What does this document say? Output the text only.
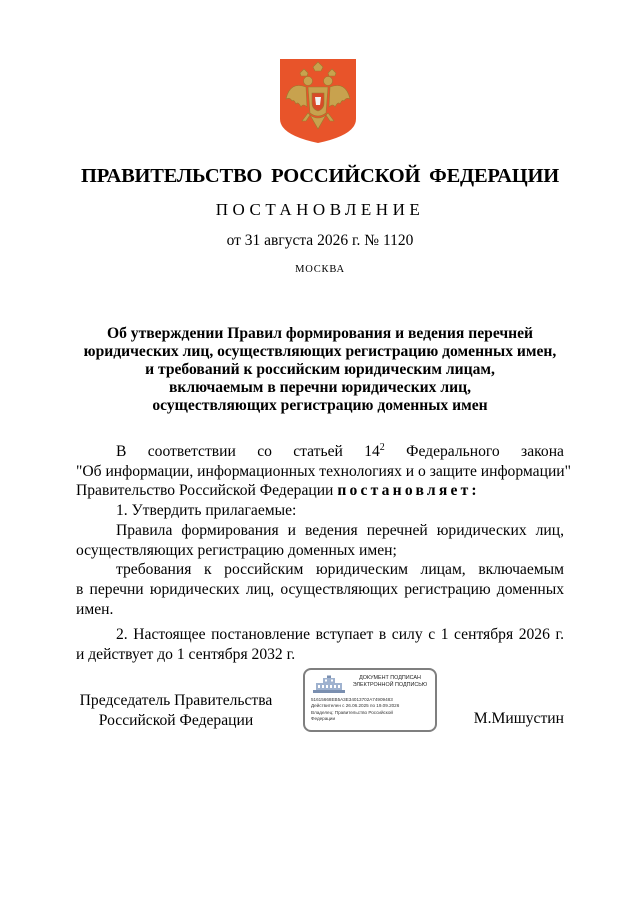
ПРАВИТЕЛЬСТВО РОССИЙСКОЙ ФЕДЕРАЦИИ
ПОСТАНОВЛЕНИЕ
от 31 августа 2026 г. № 1120
МОСКВА
Об утверждении Правил формирования и ведения перечней
юридических лиц, осуществляющих регистрацию доменных имен,
и требований к российским юридическим лицам,
включаемым в перечни юридических лиц,
осуществляющих регистрацию доменных имен
В соответствии со статьей $14^2$ Федерального закона
"Об информации, информационных технологиях и о защите информации"
Правительство Российской Федерации постановляет:
1. Утвердить прилагаемые:
Правила формирования и ведения перечней юридических лиц,
осуществляющих регистрацию доменных имен;
требования к российским юридическим лицам, включаемым
в перечни юридических лиц, осуществляющих регистрацию доменных
имен.
2. Настоящее постановление вступает в силу с 1 сентября 2026 г.
и действует до 1 сентября 2032 г.
Председатель Правительства
Российской Федерации
ДОКУМЕНТ ПОДПИСАН
ЭЛЕКТРОННОЙ ПОДПИСЬЮ
51615668EB5A3E34013702A74909483
Действителен с 26.06.2025 по 19.09.2026
Владелец: Правительство Российской
Федерации	М.Мишустин
